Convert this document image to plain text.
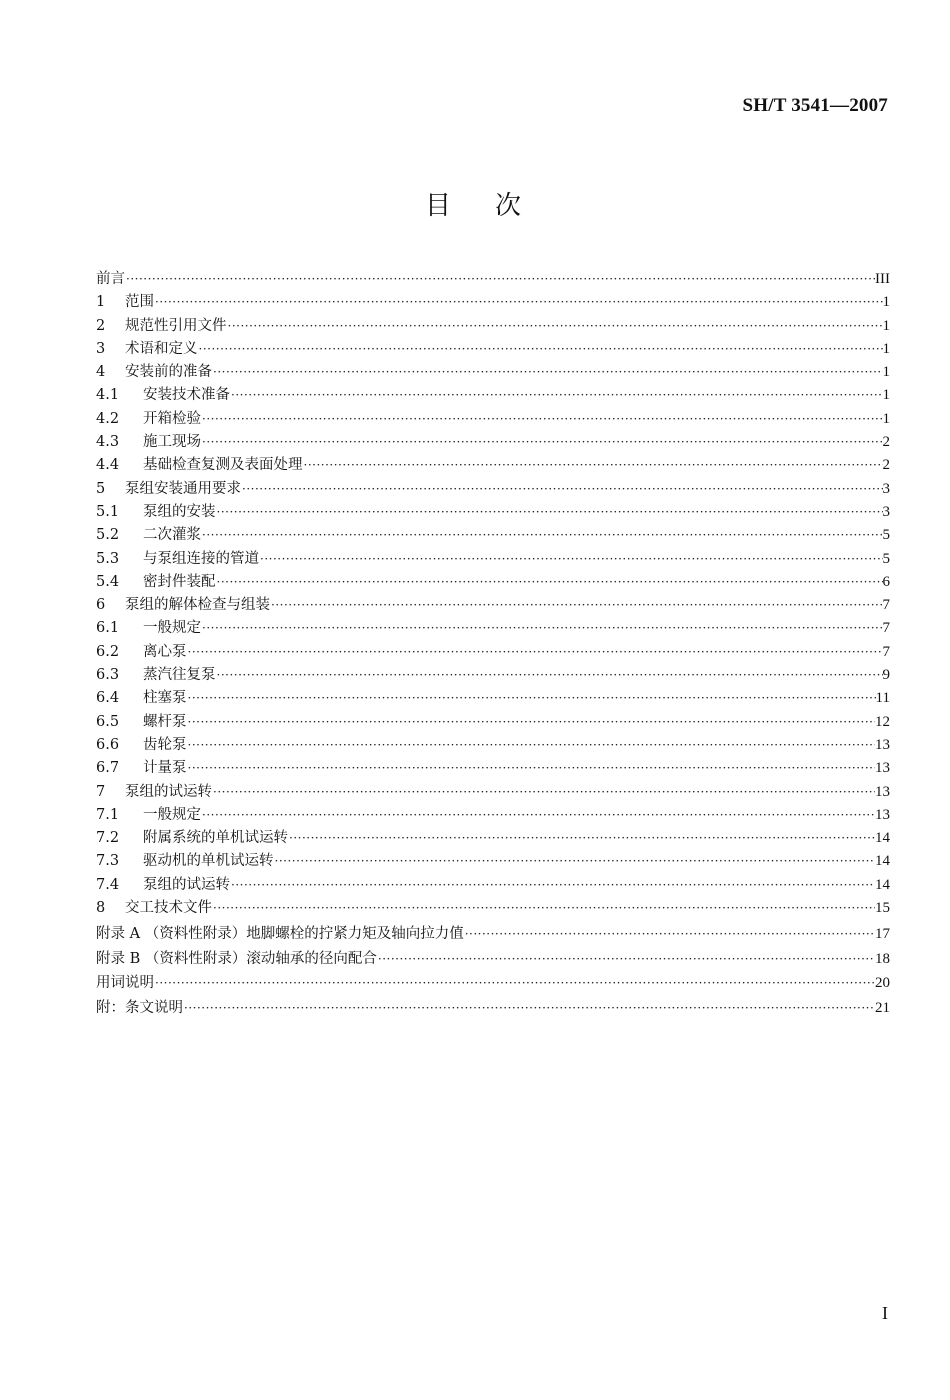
SH/T 3541—2007
目次
前言 ·····	III
1	范围 ·····	1
2	规范性引用文件 ·····	1
3	术语和定义 ·····	1
4	安装前的准备 ·····	1
4.1	安装技术准备 ·····	1
4.2	开箱检验 ·····	1
4.3	施工现场 ·····	2
4.4	基础检查复测及表面处理 ·····	2
5	泵组安装通用要求 ·····	3
5.1	泵组的安装 ·····	3
5.2	二次灌浆 ·····	5
5.3	与泵组连接的管道 ·····	5
5.4	密封件装配 ·····	6
6	泵组的解体检查与组装 ·····	7
6.1	一般规定 ·····	7
6.2	离心泵 ·····	7
6.3	蒸汽往复泵 ·····	9
6.4	柱塞泵 ·····	11
6.5	螺杆泵 ·····	12
6.6	齿轮泵 ·····	13
6.7	计量泵 ·····	13
7	泵组的试运转 ·····	13
7.1	一般规定 ·····	13
7.2	附属系统的单机试运转 ·····	14
7.3	驱动机的单机试运转 ·····	14
7.4	泵组的试运转 ·····	14
8	交工技术文件 ·····	15
附录 A （资料性附录）地脚螺栓的拧紧力矩及轴向拉力值 ·····	17
附录 B （资料性附录）滚动轴承的径向配合 ·····	18
用词说明 ·····	20
附：条文说明 ·····	21
I
